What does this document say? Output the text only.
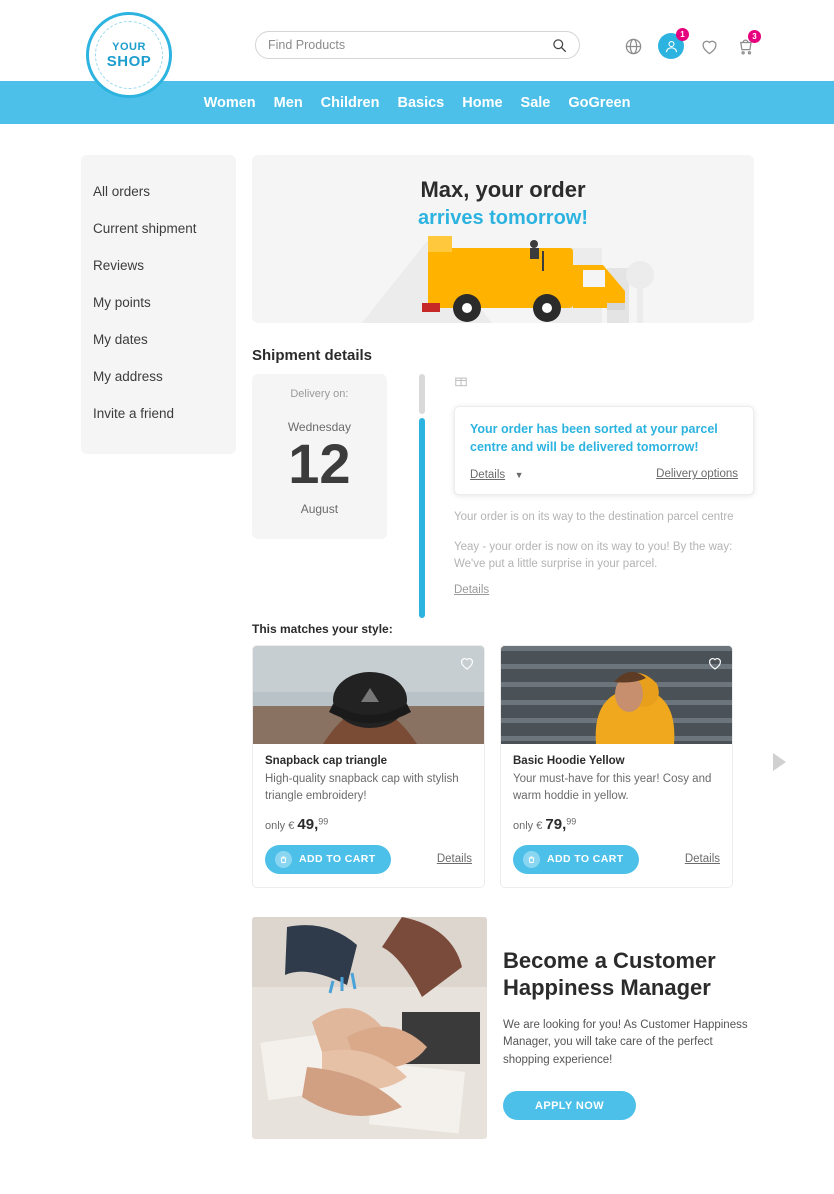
YOUR
SHOP
Find Products
1	3
Women Men Children Basics Home Sale GoGreen
All orders
Current shipment
Reviews
My points
My dates
My address
Invite a friend
Max, your order
arrives tomorrow!
Shipment details
Delivery on:
Wednesday
12
August
Your order has been sorted at your parcel centre and will be delivered tomorrow!
Details ▼	Delivery options
Your order is on its way to the destination parcel centre
Yeay - your order is now on its way to you! By the way: We've put a little surprise in your parcel.
Details
This matches your style:
Snapback cap triangle
High-quality snapback cap with stylish triangle embroidery!
only € 49,99
ADD TO CART	Details
Basic Hoodie Yellow
Your must-have for this year! Cosy and warm hoddie in yellow.
only € 79,99
ADD TO CART	Details
Become a Customer Happiness Manager

We are looking for you! As Customer Happiness Manager, you will take care of the perfect shopping experience!

APPLY NOW
